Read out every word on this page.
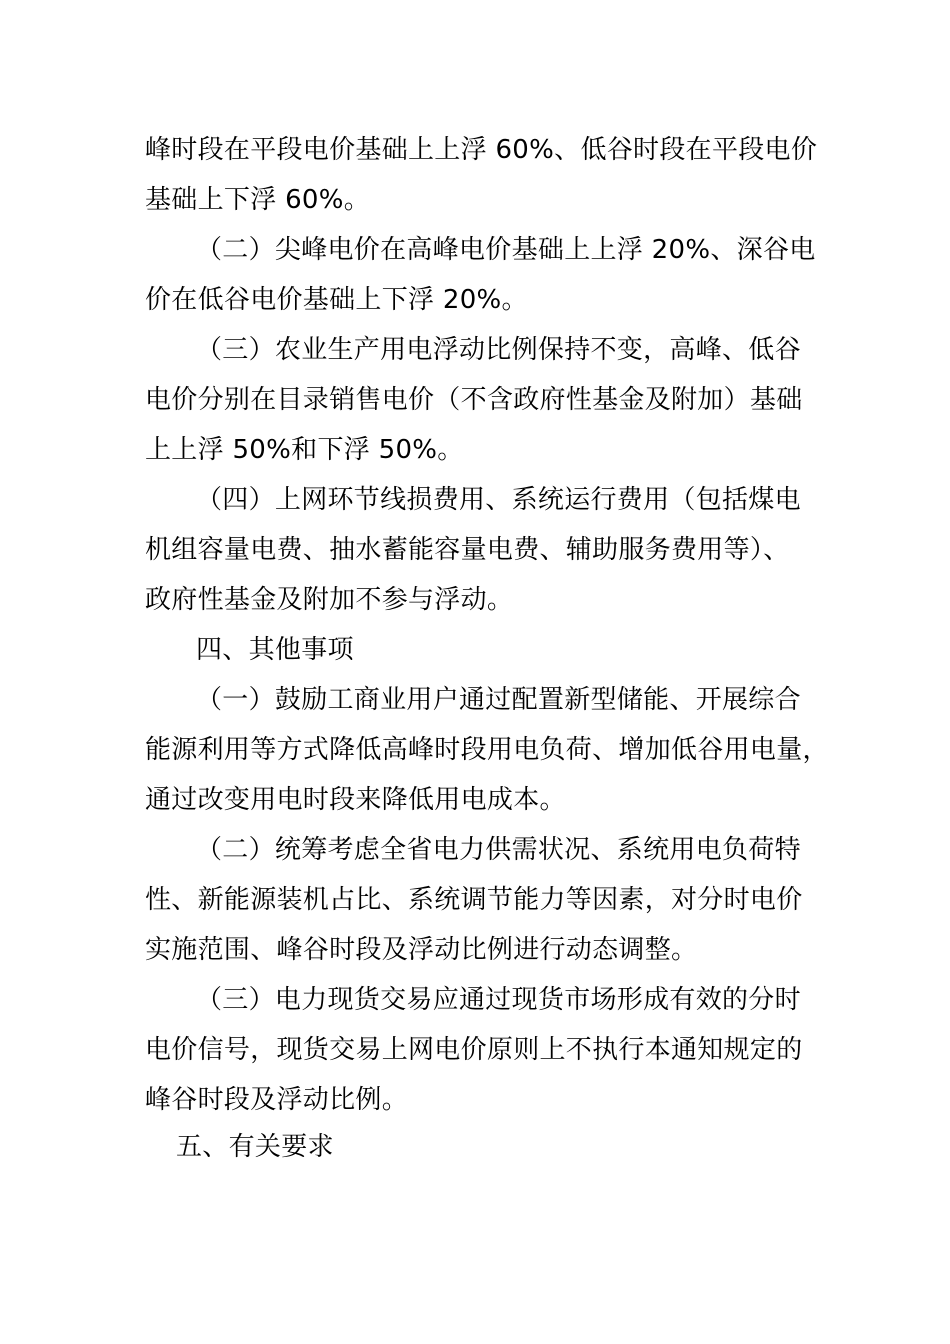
峰时段在平段电价基础上上浮 60%、低谷时段在平段电价
基础上下浮 60%。
（二）尖峰电价在高峰电价基础上上浮 20%、深谷电
价在低谷电价基础上下浮 20%。
（三）农业生产用电浮动比例保持不变，高峰、低谷
电价分别在目录销售电价（不含政府性基金及附加）基础
上上浮 50%和下浮 50%。
（四）上网环节线损费用、系统运行费用（包括煤电
机组容量电费、抽水蓄能容量电费、辅助服务费用等）、
政府性基金及附加不参与浮动。
四、其他事项
（一）鼓励工商业用户通过配置新型储能、开展综合
能源利用等方式降低高峰时段用电负荷、增加低谷用电量，
通过改变用电时段来降低用电成本。
（二）统筹考虑全省电力供需状况、系统用电负荷特
性、新能源装机占比、系统调节能力等因素，对分时电价
实施范围、峰谷时段及浮动比例进行动态调整。
（三）电力现货交易应通过现货市场形成有效的分时
电价信号，现货交易上网电价原则上不执行本通知规定的
峰谷时段及浮动比例。
五、有关要求
